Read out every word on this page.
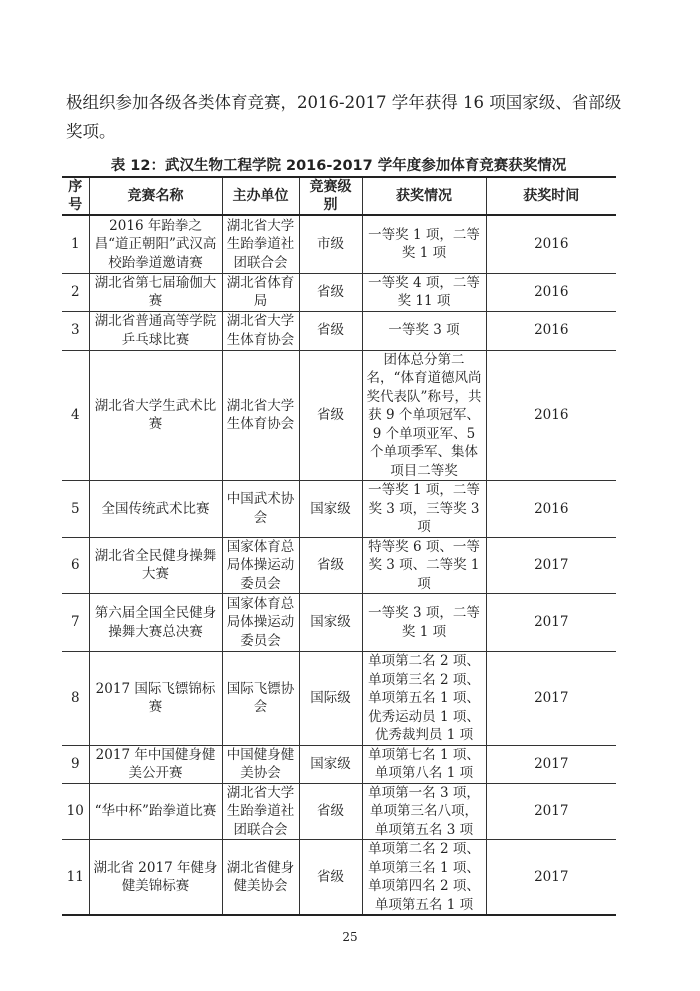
极组织参加各级各类体育竞赛，2016-2017 学年获得 16 项国家级、省部级奖项。
表 12：武汉生物工程学院 2016-2017 学年度参加体育竞赛获奖情况
序号	竞赛名称	主办单位	竞赛级别	获奖情况	获奖时间
1	2016 年跆拳之昌“道正朝阳”武汉高校跆拳道邀请赛	湖北省大学生跆拳道社团联合会	市级	一等奖 1 项，二等奖 1 项	2016
2	湖北省第七届瑜伽大赛	湖北省体育局	省级	一等奖 4 项，二等奖 11 项	2016
3	湖北省普通高等学院乒乓球比赛	湖北省大学生体育协会	省级	一等奖 3 项	2016
4	湖北省大学生武术比赛	湖北省大学生体育协会	省级	团体总分第二名，“体育道德风尚奖代表队”称号，共获 9 个单项冠军、9 个单项亚军、5 个单项季军、集体项目二等奖	2016
5	全国传统武术比赛	中国武术协会	国家级	一等奖 1 项，二等奖 3 项，三等奖 3 项	2016
6	湖北省全民健身操舞大赛	国家体育总局体操运动委员会	省级	特等奖 6 项、一等奖 3 项、二等奖 1 项	2017
7	第六届全国全民健身操舞大赛总决赛	国家体育总局体操运动委员会	国家级	一等奖 3 项，二等奖 1 项	2017
8	2017 国际飞镖锦标赛	国际飞镖协会	国际级	单项第二名 2 项、单项第三名 2 项、单项第五名 1 项、优秀运动员 1 项、优秀裁判员 1 项	2017
9	2017 年中国健身健美公开赛	中国健身健美协会	国家级	单项第七名 1 项、单项第八名 1 项	2017
10	“华中杯”跆拳道比赛	湖北省大学生跆拳道社团联合会	省级	单项第一名 3 项，单项第三名八项，单项第五名 3 项	2017
11	湖北省 2017 年健身健美锦标赛	湖北省健身健美协会	省级	单项第二名 2 项、单项第三名 1 项、单项第四名 2 项、单项第五名 1 项	2017
25
